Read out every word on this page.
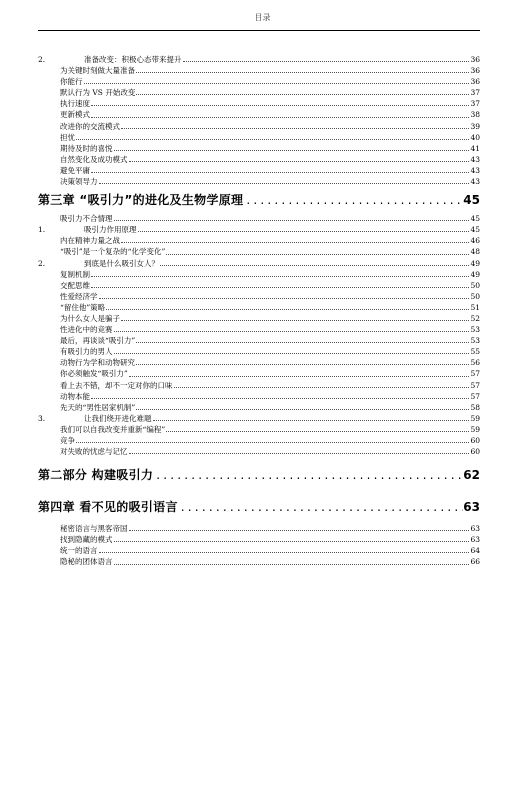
目录
2.	准备改变：积极心态带来提升	36
为关键时刻做大量准备	36
你能行	36
默认行为 VS 开始改变	37
执行速度	37
更新模式	38
改进你的交流模式	39
担忧	40
期待及时的喜悦	41
自然变化及成功模式	43
避免平庸	43
决策领导力	43
第三章 “吸引力”的进化及生物学原理 .....	45
吸引力不合情理	45
1.	吸引力作用原理	45
内在精神力量之战	46
“吸引”是一个复杂的“化学变化”	48
2.	到底是什么吸引女人？	49
复制机制	49
交配思维	50
性爱经济学	50
“留住他”策略	51
为什么女人是骗子	52
性进化中的竞赛	53
最后，再谈谈“吸引力”	53
有吸引力的男人	55
动物行为学和动物研究	56
你必须触发“吸引力”	57
看上去不错，却不一定对你的口味	57
动物本能	57
先天的“男性居家机制”	58
3.	让我们绕开进化难题	59
我们可以自我改变并重新“编程”	59
竞争	60
对失败的忧虑与记忆	60
第二部分 构建吸引力 .....	62
第四章 看不见的吸引语言 .....	63
秘密语言与黑客帝国	63
找到隐藏的模式	63
统一的语言	64
隐秘的团体语言	66
